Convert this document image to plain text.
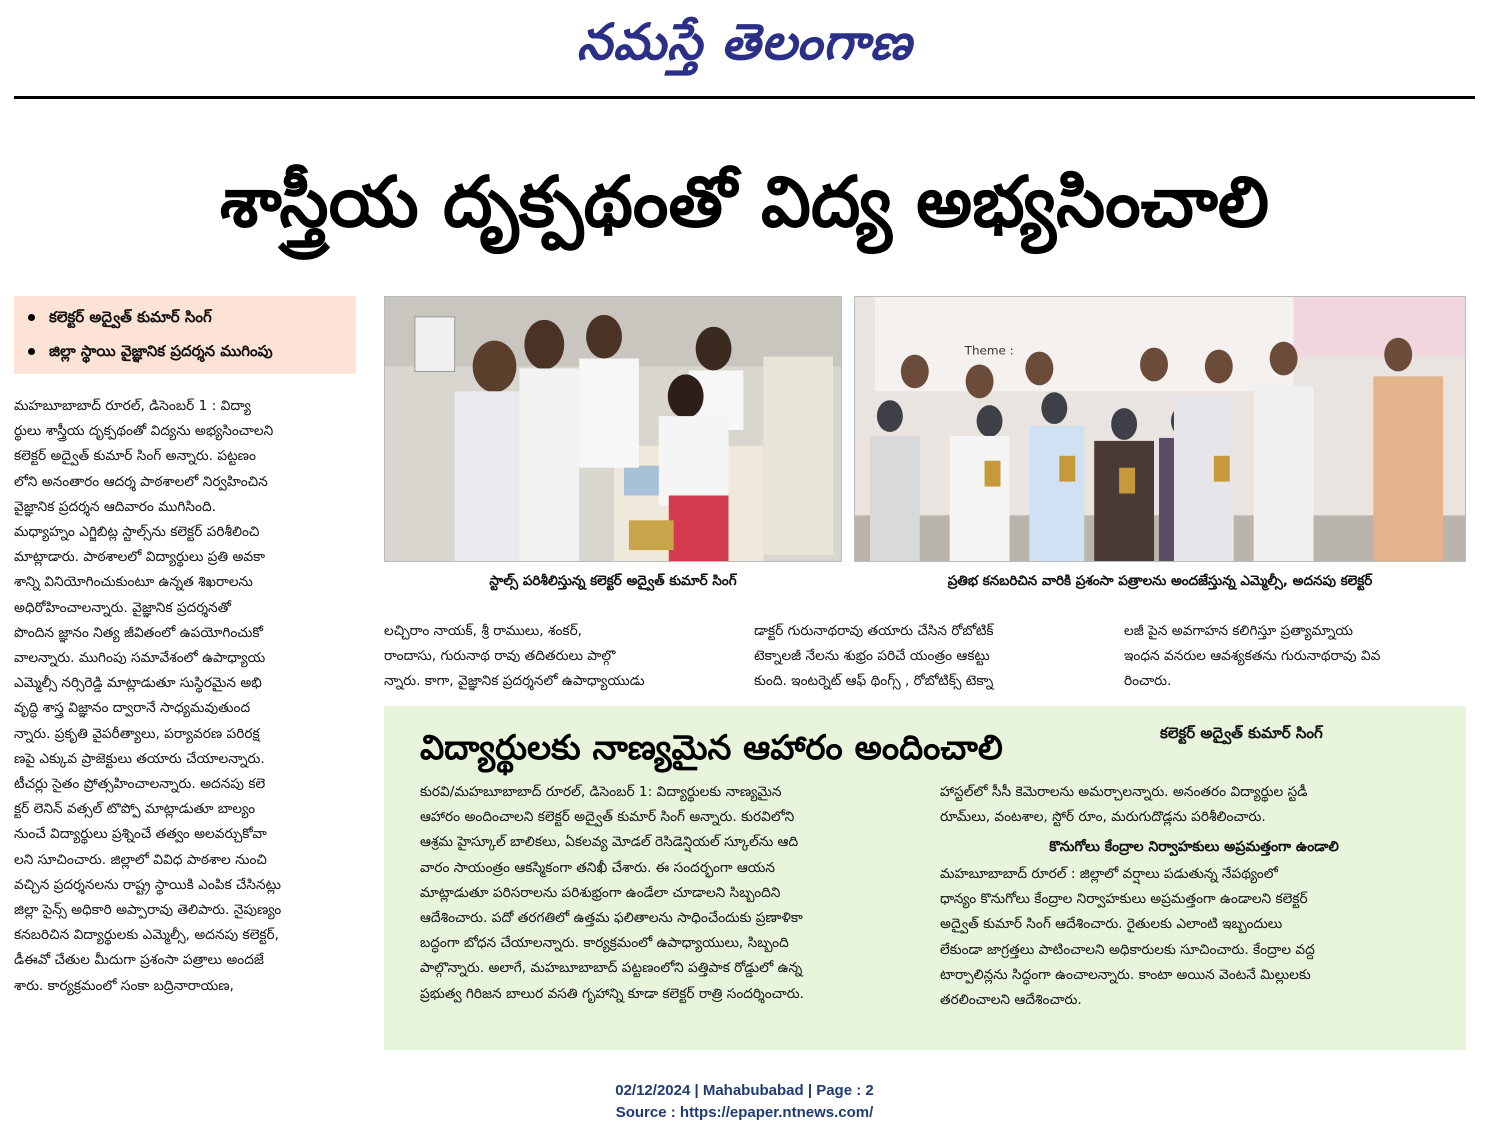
నమస్తే తెలంగాణ
శాస్త్రీయ దృక్పథంతో విద్య అభ్యసించాలి
కలెక్టర్ అద్వైత్ కుమార్ సింగ్
జిల్లా స్థాయి వైజ్ఞానిక ప్రదర్శన ముగింపు
మహబూబాబాద్ రూరల్, డిసెంబర్ 1 : విద్యా
ర్థులు శాస్త్రీయ దృక్పథంతో విద్యను అభ్యసించాలని
కలెక్టర్ అద్వైత్ కుమార్ సింగ్ అన్నారు. పట్టణం
లోని అనంతారం ఆదర్శ పాఠశాలలో నిర్వహించిన
వైజ్ఞానిక ప్రదర్శన ఆదివారం ముగిసింది.
మధ్యాహ్నం ఎగ్జిబిట్ల స్టాల్స్‌ను కలెక్టర్ పరిశీలించి
మాట్లాడారు. పాఠశాలలో విద్యార్థులు ప్రతి అవకా
శాన్ని వినియోగించుకుంటూ ఉన్నత శిఖరాలను
అధిరోహించాలన్నారు. వైజ్ఞానిక ప్రదర్శనతో
పొందిన జ్ఞానం నిత్య జీవితంలో ఉపయోగించుకో
వాలన్నారు. ముగింపు సమావేశంలో ఉపాధ్యాయ
ఎమ్మెల్సీ నర్సిరెడ్డి మాట్లాడుతూ సుస్థిరమైన అభి
వృద్ధి శాస్త్ర విజ్ఞానం ద్వారానే సాధ్యమవుతుంద
న్నారు. ప్రకృతి వైపరీత్యాలు, పర్యావరణ పరిరక్ష
ణపై ఎక్కువ ప్రాజెక్టులు తయారు చేయాలన్నారు.
టీచర్లు సైతం ప్రోత్సహించాలన్నారు. అదనపు కలె
క్టర్ లెనిన్ వత్సల్ టొప్పో మాట్లాడుతూ బాల్యం
నుంచే విద్యార్థులు ప్రశ్నించే తత్వం అలవర్చుకోవా
లని సూచించారు. జిల్లాలో వివిధ పాఠశాల నుంచి
వచ్చిన ప్రదర్శనలను రాష్ట్ర స్థాయికి ఎంపిక చేసినట్లు
జిల్లా సైన్స్ అధికారి అప్పారావు తెలిపారు. నైపుణ్యం
కనబరిచిన విద్యార్థులకు ఎమ్మెల్సీ, అదనపు కలెక్టర్,
డీఈవో చేతుల మీదుగా ప్రశంసా పత్రాలు అందజే
శారు. కార్యక్రమంలో సంకా బద్రినారాయణ,
స్టాల్స్ పరిశీలిస్తున్న కలెక్టర్ అద్వైత్ కుమార్ సింగ్
Theme :
ప్రతిభ కనబరిచిన వారికి ప్రశంసా పత్రాలను అందజేస్తున్న ఎమ్మెల్సీ, అదనపు కలెక్టర్
లచ్చిరాం నాయక్, శ్రీ రాములు, శంకర్,
రాందాసు, గురునాథ రావు తదితరులు పాల్గొ
న్నారు. కాగా, వైజ్ఞానిక ప్రదర్శనలో ఉపాధ్యాయుడు
డాక్టర్ గురునాథరావు తయారు చేసిన రోబోటిక్
టెక్నాలజీ నేలను శుభ్రం పరిచే యంత్రం ఆకట్టు
కుంది. ఇంటర్నెట్ ఆఫ్ థింగ్స్ , రోబోటిక్స్ టెక్నా
లజీ పైన అవగాహన కలిగిస్తూ ప్రత్యామ్నాయ
ఇంధన వనరుల ఆవశ్యకతను గురునాథరావు వివ
రించారు.
విద్యార్థులకు నాణ్యమైన ఆహారం అందించాలి	కలెక్టర్ అద్వైత్ కుమార్ సింగ్
కురవి/మహబూబాబాద్ రూరల్, డిసెంబర్ 1: విద్యార్థులకు నాణ్యమైన
ఆహారం అందించాలని కలెక్టర్ అద్వైత్ కుమార్ సింగ్ అన్నారు. కురవిలోని
ఆశ్రమ హైస్కూల్ బాలికలు, ఏకలవ్య మోడల్ రెసిడెన్షియల్ స్కూల్‌ను ఆది
వారం సాయంత్రం ఆకస్మికంగా తనిఖీ చేశారు. ఈ సందర్భంగా ఆయన
మాట్లాడుతూ పరిసరాలను పరిశుభ్రంగా ఉండేలా చూడాలని సిబ్బందిని
ఆదేశించారు. పదో తరగతిలో ఉత్తమ ఫలితాలను సాధించేందుకు ప్రణాళికా
బద్ధంగా బోధన చేయాలన్నారు. కార్యక్రమంలో ఉపాధ్యాయులు, సిబ్బంది
పాల్గొన్నారు. అలాగే, మహబూబాబాద్ పట్టణంలోని పత్తిపాక రోడ్డులో ఉన్న
ప్రభుత్వ గిరిజన బాలుర వసతి గృహాన్ని కూడా కలెక్టర్ రాత్రి సందర్శించారు.
హాస్టల్‌లో సీసీ కెమెరాలను అమర్చాలన్నారు. అనంతరం విద్యార్థుల స్టడీ
రూమ్‌లు, వంటశాల, స్టోర్ రూం, మరుగుదొడ్లను పరిశీలించారు.
కొనుగోలు కేంద్రాల నిర్వాహకులు అప్రమత్తంగా ఉండాలి
మహబూబాబాద్ రూరల్ : జిల్లాలో వర్షాలు పడుతున్న నేపథ్యంలో
ధాన్యం కొనుగోలు కేంద్రాల నిర్వాహకులు అప్రమత్తంగా ఉండాలని కలెక్టర్
అద్వైత్ కుమార్ సింగ్ ఆదేశించారు. రైతులకు ఎలాంటి ఇబ్బందులు
లేకుండా జాగ్రత్తలు పాటించాలని అధికారులకు సూచించారు. కేంద్రాల వద్ద
టార్పాలిన్లను సిద్ధంగా ఉంచాలన్నారు. కాంటా అయిన వెంటనే మిల్లులకు
తరలించాలని ఆదేశించారు.
02/12/2024 | Mahabubabad | Page : 2
Source : https://epaper.ntnews.com/
